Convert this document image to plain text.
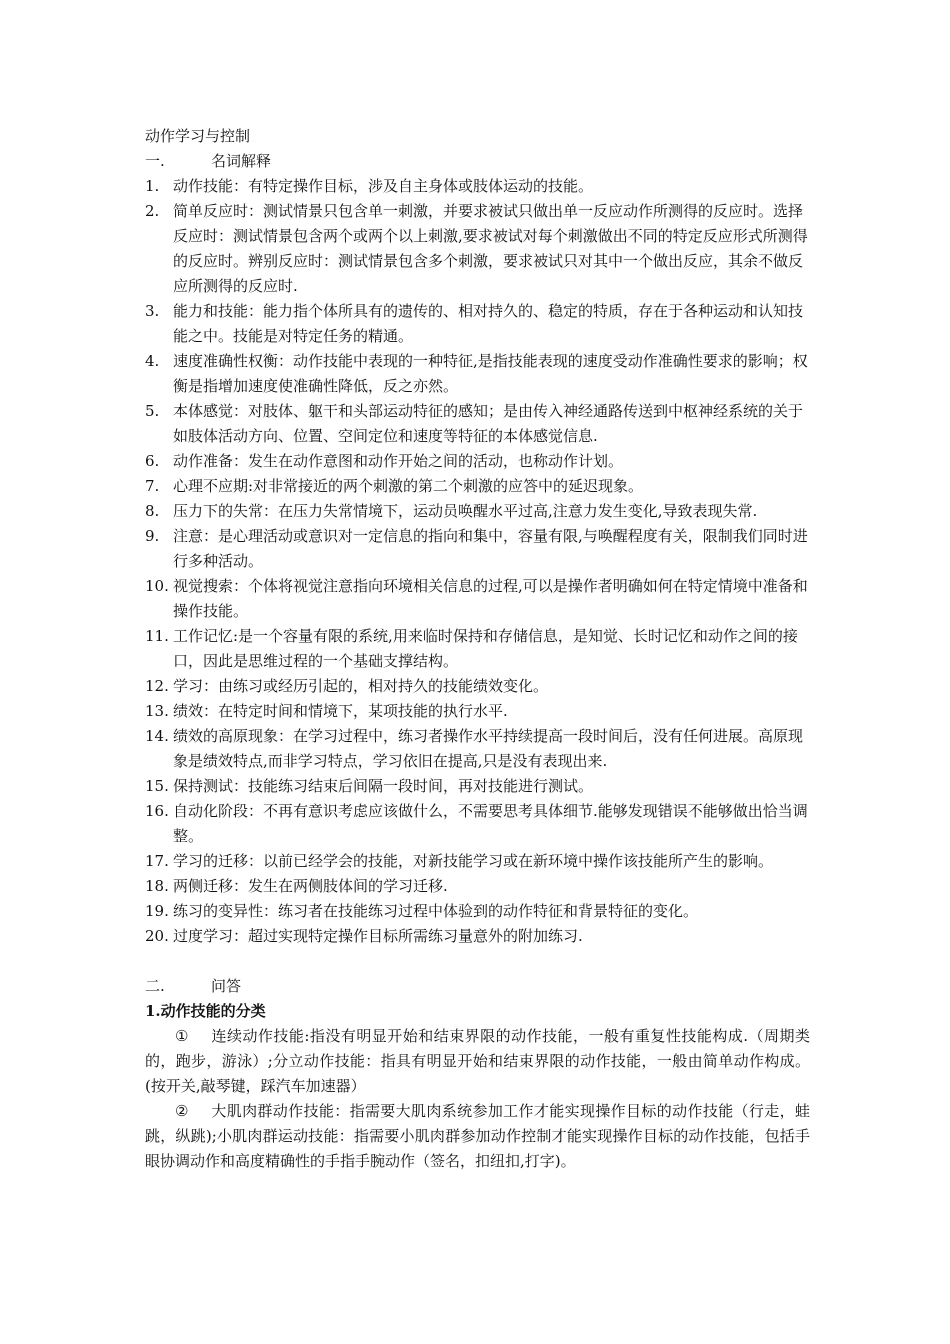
动作学习与控制

一.	名词解释

1. 动作技能：有特定操作目标，涉及自主身体或肢体运动的技能。
2. 简单反应时：测试情景只包含单一刺激，并要求被试只做出单一反应动作所测得的反应时。选择反应时：测试情景包含两个或两个以上刺激,要求被试对每个刺激做出不同的特定反应形式所测得的反应时。辨别反应时：测试情景包含多个刺激，要求被试只对其中一个做出反应，其余不做反应所测得的反应时.
3. 能力和技能：能力指个体所具有的遗传的、相对持久的、稳定的特质，存在于各种运动和认知技能之中。技能是对特定任务的精通。
4. 速度准确性权衡：动作技能中表现的一种特征,是指技能表现的速度受动作准确性要求的影响；权衡是指增加速度使准确性降低，反之亦然。
5. 本体感觉：对肢体、躯干和头部运动特征的感知；是由传入神经通路传送到中枢神经系统的关于如肢体活动方向、位置、空间定位和速度等特征的本体感觉信息.
6. 动作准备：发生在动作意图和动作开始之间的活动，也称动作计划。
7. 心理不应期:对非常接近的两个刺激的第二个刺激的应答中的延迟现象。
8. 压力下的失常：在压力失常情境下，运动员唤醒水平过高,注意力发生变化,导致表现失常.
9. 注意：是心理活动或意识对一定信息的指向和集中，容量有限,与唤醒程度有关，限制我们同时进行多种活动。
10. 视觉搜索：个体将视觉注意指向环境相关信息的过程,可以是操作者明确如何在特定情境中准备和操作技能。
11. 工作记忆:是一个容量有限的系统,用来临时保持和存储信息，是知觉、长时记忆和动作之间的接口，因此是思维过程的一个基础支撑结构。
12. 学习：由练习或经历引起的，相对持久的技能绩效变化。
13. 绩效：在特定时间和情境下，某项技能的执行水平.
14. 绩效的高原现象：在学习过程中，练习者操作水平持续提高一段时间后，没有任何进展。高原现象是绩效特点,而非学习特点，学习依旧在提高,只是没有表现出来.
15. 保持测试：技能练习结束后间隔一段时间，再对技能进行测试。
16. 自动化阶段：不再有意识考虑应该做什么，不需要思考具体细节.能够发现错误不能够做出恰当调整。
17. 学习的迁移：以前已经学会的技能，对新技能学习或在新环境中操作该技能所产生的影响。
18. 两侧迁移：发生在两侧肢体间的学习迁移.
19. 练习的变异性：练习者在技能练习过程中体验到的动作特征和背景特征的变化。
20. 过度学习：超过实现特定操作目标所需练习量意外的附加练习.

二.	问答

1.动作技能的分类

① 连续动作技能:指没有明显开始和结束界限的动作技能，一般有重复性技能构成.（周期类的，跑步，游泳）;分立动作技能：指具有明显开始和结束界限的动作技能，一般由简单动作构成。(按开关,敲琴键，踩汽车加速器）

② 大肌肉群动作技能：指需要大肌肉系统参加工作才能实现操作目标的动作技能（行走，蛙跳，纵跳);小肌肉群运动技能：指需要小肌肉群参加动作控制才能实现操作目标的动作技能，包括手眼协调动作和高度精确性的手指手腕动作（签名，扣纽扣,打字)。
